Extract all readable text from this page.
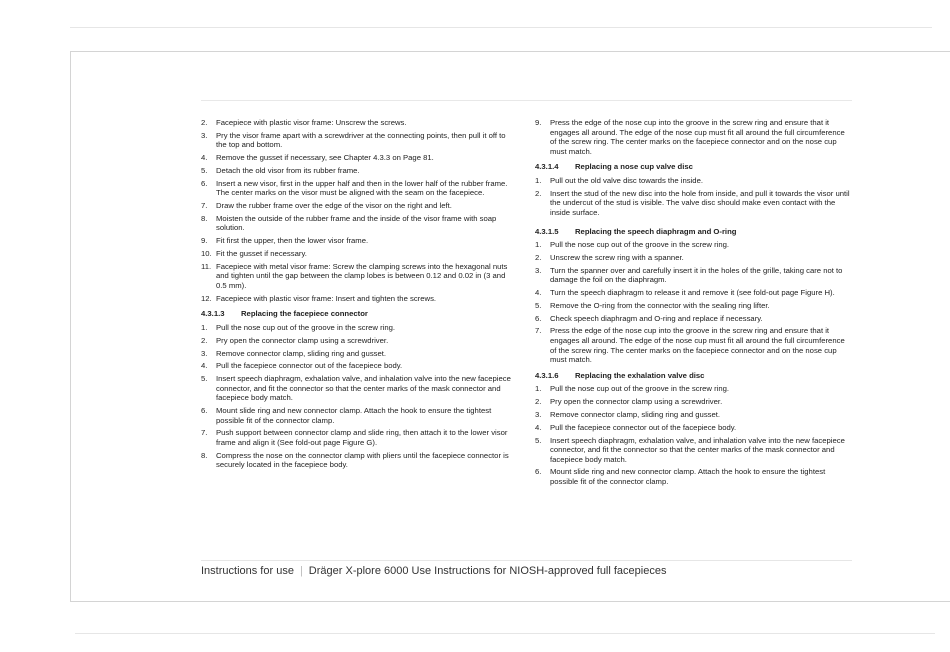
2. Facepiece with plastic visor frame: Unscrew the screws.
3. Pry the visor frame apart with a screwdriver at the connecting points, then pull it off to the top and bottom.
4. Remove the gusset if necessary, see Chapter 4.3.3 on Page 81.
5. Detach the old visor from its rubber frame.
6. Insert a new visor, first in the upper half and then in the lower half of the rubber frame.
The center marks on the visor must be aligned with the seam on the facepiece.
7. Draw the rubber frame over the edge of the visor on the right and left.
8. Moisten the outside of the rubber frame and the inside of the visor frame with soap solution.
9. Fit first the upper, then the lower visor frame.
10. Fit the gusset if necessary.
11. Facepiece with metal visor frame: Screw the clamping screws into the hexagonal nuts and tighten until the gap between the clamp lobes is between 0.12 and 0.02 in (3 and 0.5 mm).
12. Facepiece with plastic visor frame: Insert and tighten the screws.
4.3.1.3 Replacing the facepiece connector
1. Pull the nose cup out of the groove in the screw ring.
2. Pry open the connector clamp using a screwdriver.
3. Remove connector clamp, sliding ring and gusset.
4. Pull the facepiece connector out of the facepiece body.
5. Insert speech diaphragm, exhalation valve, and inhalation valve into the new facepiece connector, and fit the connector so that the center marks of the mask connector and facepiece body match.
6. Mount slide ring and new connector clamp. Attach the hook to ensure the tightest possible fit of the connector clamp.
7. Push support between connector clamp and slide ring, then attach it to the lower visor frame and align it (See fold-out page Figure G).
8. Compress the nose on the connector clamp with pliers until the facepiece connector is securely located in the facepiece body.
9. Press the edge of the nose cup into the groove in the screw ring and ensure that it engages all around. The edge of the nose cup must fit all around the full circumference of the screw ring. The center marks on the facepiece connector and on the nose cup must match.
4.3.1.4 Replacing a nose cup valve disc
1. Pull out the old valve disc towards the inside.
2. Insert the stud of the new disc into the hole from inside, and pull it towards the visor until the undercut of the stud is visible. The valve disc should make even contact with the inside surface.
4.3.1.5 Replacing the speech diaphragm and O-ring
1. Pull the nose cup out of the groove in the screw ring.
2. Unscrew the screw ring with a spanner.
3. Turn the spanner over and carefully insert it in the holes of the grille, taking care not to damage the foil on the diaphragm.
4. Turn the speech diaphragm to release it and remove it (see fold-out page Figure H).
5. Remove the O-ring from the connector with the sealing ring lifter.
6. Check speech diaphragm and O-ring and replace if necessary.
7. Press the edge of the nose cup into the groove in the screw ring and ensure that it engages all around. The edge of the nose cup must fit all around the full circumference of the screw ring. The center marks on the facepiece connector and on the nose cup must match.
4.3.1.6 Replacing the exhalation valve disc
1. Pull the nose cup out of the groove in the screw ring.
2. Pry open the connector clamp using a screwdriver.
3. Remove connector clamp, sliding ring and gusset.
4. Pull the facepiece connector out of the facepiece body.
5. Insert speech diaphragm, exhalation valve, and inhalation valve into the new facepiece connector, and fit the connector so that the center marks of the mask connector and facepiece body match.
6. Mount slide ring and new connector clamp. Attach the hook to ensure the tightest possible fit of the connector clamp.
Instructions for use | Dräger X-plore 6000 Use Instructions for NIOSH-approved full facepieces
